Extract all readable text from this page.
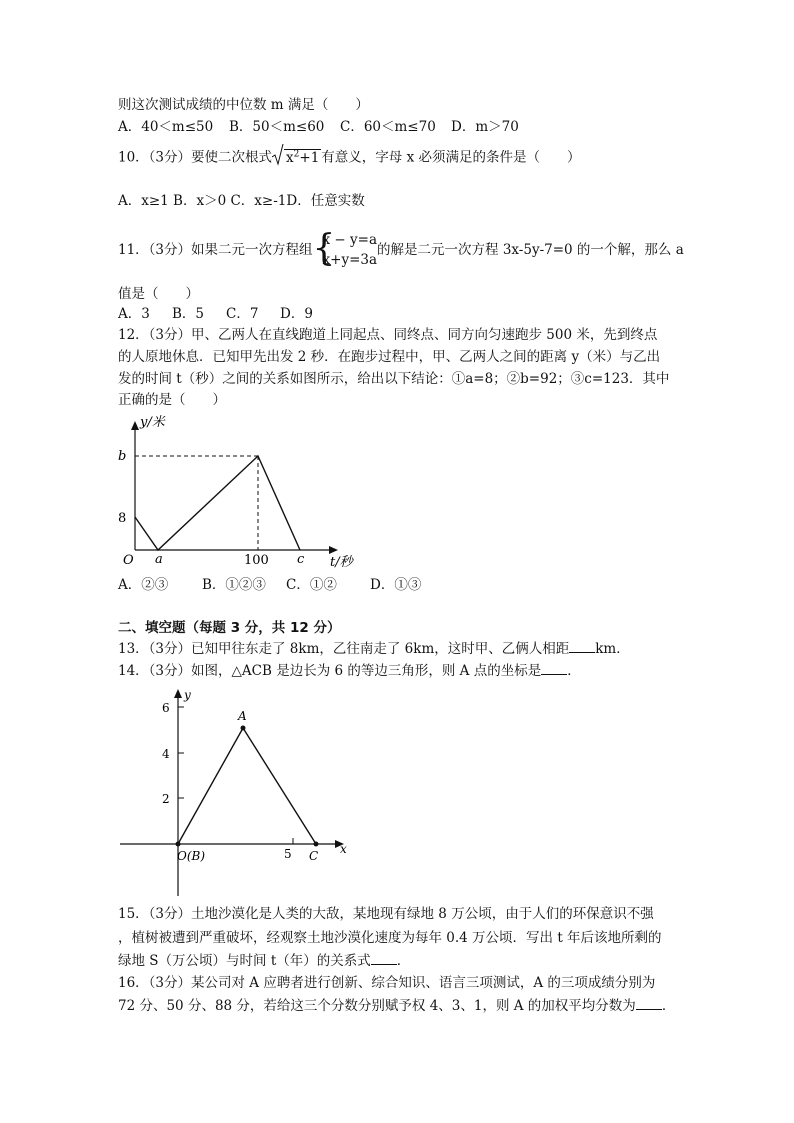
则这次测试成绩的中位数 m 满足（　　）
A．40＜m≤50 B．50＜m≤60 C．60＜m≤70 D．m＞70
10．（3分）要使二次根式 $x^2+1$ 有意义，字母 x 必须满足的条件是（　　）
A．x≥1 B．x＞0 C．x≥-1D．任意实数
11．（3分）如果二元一次方程组 {
x − y=a
x+y=3a
的解是二元一次方程 3x-5y-7=0 的一个解，那么 a
值是（　　）
A．3 B．5 C．7 D．9
12．（3分）甲、乙两人在直线跑道上同起点、同终点、同方向匀速跑步 500 米，先到终点
的人原地休息．已知甲先出发 2 秒．在跑步过程中，甲、乙两人之间的距离 y（米）与乙出
发的时间 t（秒）之间的关系如图所示，给出以下结论：①a=8；②b=92；③c=123．其中
正确的是（　　）
y/米
b
8
O a	100 c t/秒
A．②③	B．①②③ C．①② D．①③
二、填空题（每题 3 分，共 12 分）
13．（3分）已知甲往东走了 8km，乙往南走了 6km，这时甲、乙俩人相距 km．
14．（3分）如图，△ACB 是边长为 6 的等边三角形，则 A 点的坐标是 ．
y
6
4
2
A
O(B)	5 C x
15．（3分）土地沙漠化是人类的大敌，某地现有绿地 8 万公顷，由于人们的环保意识不强
，植树被遭到严重破坏，经观察土地沙漠化速度为每年 0.4 万公顷．写出 t 年后该地所剩的
绿地 S（万公顷）与时间 t（年）的关系式 ．
16．（3分）某公司对 A 应聘者进行创新、综合知识、语言三项测试，A 的三项成绩分别为
72 分、50 分、88 分，若给这三个分数分别赋予权 4、3、1，则 A 的加权平均分数为 ．
